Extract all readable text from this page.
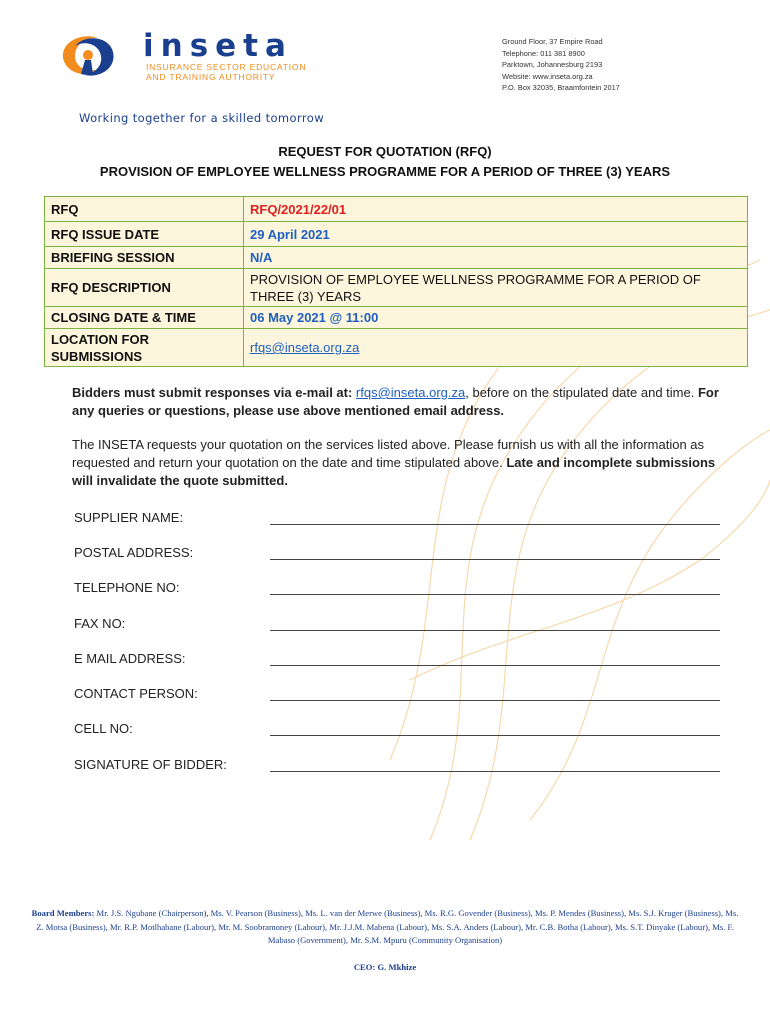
inseta
INSURANCE SECTOR EDUCATION
AND TRAINING AUTHORITY
Working together for a skilled tomorrow
Ground Floor, 37 Empire Road
Telephone: 011 381 8900
Parktown, Johannesburg 2193
Website: www.inseta.org.za
P.O. Box 32035, Braamfontein 2017
REQUEST FOR QUOTATION (RFQ)
PROVISION OF EMPLOYEE WELLNESS PROGRAMME FOR A PERIOD OF THREE (3) YEARS
RFQ	RFQ/2021/22/01
RFQ ISSUE DATE	29 April 2021
BRIEFING SESSION	N/A
RFQ DESCRIPTION	PROVISION OF EMPLOYEE WELLNESS PROGRAMME FOR A PERIOD OF THREE (3) YEARS
CLOSING DATE & TIME	06 May 2021 @ 11:00
LOCATION FOR SUBMISSIONS	rfqs@inseta.org.za
Bidders must submit responses via e-mail at: rfqs@inseta.org.za, before on the stipulated date and time. For any queries or questions, please use above mentioned email address.
The INSETA requests your quotation on the services listed above. Please furnish us with all the information as requested and return your quotation on the date and time stipulated above. Late and incomplete submissions will invalidate the quote submitted.
SUPPLIER NAME:
POSTAL ADDRESS:
TELEPHONE NO:
FAX NO:
E MAIL ADDRESS:
CONTACT PERSON:
CELL NO:
SIGNATURE OF BIDDER:
Board Members: Mr. J.S. Ngubane (Chairperson), Ms. V. Pearson (Business), Ms. L. van der Merwe (Business), Ms. R.G. Govender (Business), Ms. P. Mendes (Business), Ms. S.J. Kruger (Business), Ms. Z. Motsa (Business), Mr. R.P. Motlhabane (Labour), Mr. M. Soobramoney (Labour), Mr. J.J.M. Mabena (Labour), Ms. S.A. Anders (Labour), Mr. C.B. Botha (Labour), Ms. S.T. Dinyake (Labour), Ms. F. Mabaso (Government), Mr. S.M. Mpuru (Community Organisation)
CEO: G. Mkhize
